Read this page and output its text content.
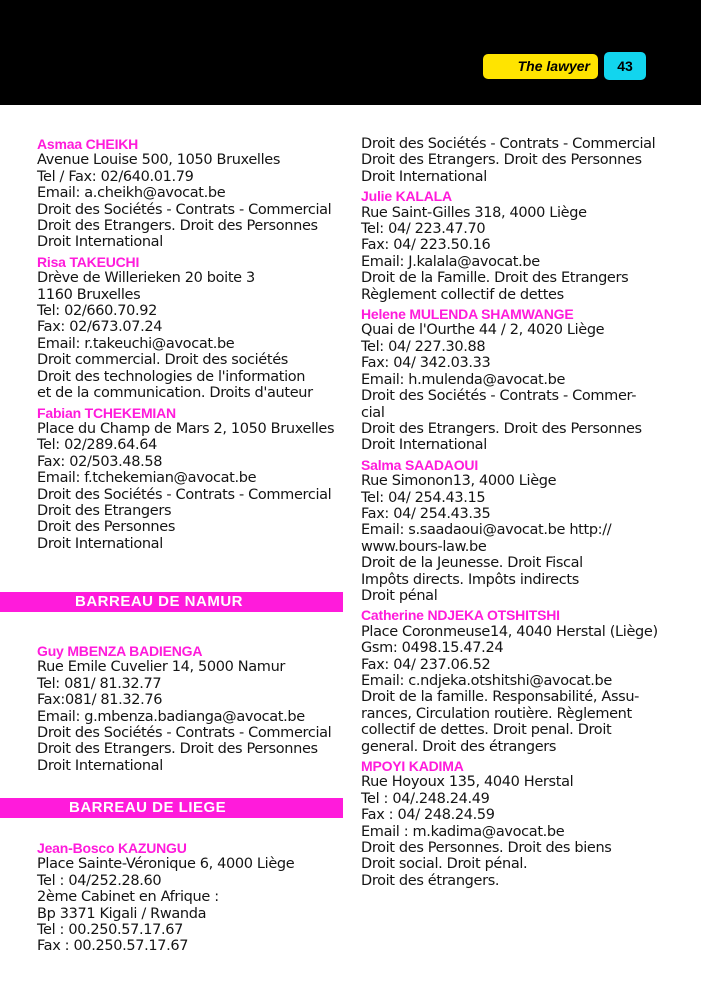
The lawyer	43
Asmaa CHEIKH
Avenue Louise 500, 1050 Bruxelles
Tel / Fax: 02/640.01.79
Email: a.cheikh@avocat.be
Droit des Sociétés - Contrats - Commercial
Droit des Etrangers. Droit des Personnes
Droit International
Risa TAKEUCHI
Drève de Willerieken 20 boite 3
1160 Bruxelles
Tel: 02/660.70.92
Fax: 02/673.07.24
Email: r.takeuchi@avocat.be
Droit commercial. Droit des sociétés
Droit des technologies de l'information
et de la communication. Droits d'auteur
Fabian TCHEKEMIAN
Place du Champ de Mars 2, 1050 Bruxelles
Tel: 02/289.64.64
Fax: 02/503.48.58
Email: f.tchekemian@avocat.be
Droit des Sociétés - Contrats - Commercial
Droit des Etrangers
Droit des Personnes
Droit International
BARREAU DE NAMUR
Guy MBENZA BADIENGA
Rue Emile Cuvelier 14, 5000 Namur
Tel: 081/ 81.32.77
Fax:081/ 81.32.76
Email: g.mbenza.badianga@avocat.be
Droit des Sociétés - Contrats - Commercial
Droit des Etrangers. Droit des Personnes
Droit International
BARREAU DE LIEGE
Jean-Bosco KAZUNGU
Place Sainte-Véronique 6, 4000 Liège
Tel : 04/252.28.60
2ème Cabinet en Afrique :
Bp 3371 Kigali / Rwanda
Tel : 00.250.57.17.67
Fax : 00.250.57.17.67
Droit des Sociétés - Contrats - Commercial
Droit des Etrangers. Droit des Personnes
Droit International
Julie KALALA
Rue Saint-Gilles 318, 4000 Liège
Tel: 04/ 223.47.70
Fax: 04/ 223.50.16
Email: J.kalala@avocat.be
Droit de la Famille. Droit des Etrangers
Règlement collectif de dettes
Helene MULENDA SHAMWANGE
Quai de l'Ourthe 44 / 2, 4020 Liège
Tel: 04/ 227.30.88
Fax: 04/ 342.03.33
Email: h.mulenda@avocat.be
Droit des Sociétés - Contrats - Commer-
cial
Droit des Etrangers. Droit des Personnes
Droit International
Salma SAADAOUI
Rue Simonon13, 4000 Liège
Tel: 04/ 254.43.15
Fax: 04/ 254.43.35
Email: s.saadaoui@avocat.be http://
www.bours-law.be
Droit de la Jeunesse. Droit Fiscal
Impôts directs. Impôts indirects
Droit pénal
Catherine NDJEKA OTSHITSHI
Place Coronmeuse14, 4040 Herstal (Liège)
Gsm: 0498.15.47.24
Fax: 04/ 237.06.52
Email: c.ndjeka.otshitshi@avocat.be
Droit de la famille. Responsabilité, Assu-
rances, Circulation routière. Règlement
collectif de dettes. Droit penal. Droit
general. Droit des étrangers
MPOYI KADIMA
Rue Hoyoux 135, 4040 Herstal
Tel : 04/.248.24.49
Fax : 04/ 248.24.59
Email : m.kadima@avocat.be
Droit des Personnes. Droit des biens
Droit social. Droit pénal.
Droit des étrangers.
